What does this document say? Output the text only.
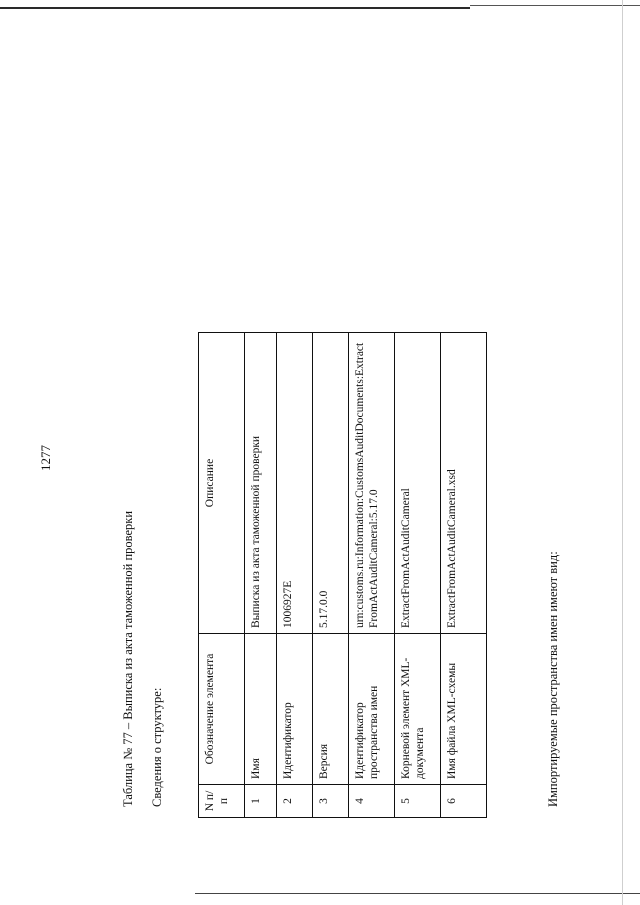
1277
Таблица № 77 – Выписка из акта таможенной проверки Сведения о структуре:	N п/п	Обозначение элемента	Описание
1	Имя	Выписка из акта таможенной проверки
2	Идентификатор	1006927E
3	Версия	5.17.0.0
4	Идентификатор пространства имен	urn:customs.ru:Information:CustomsAuditDocuments:ExtractFromActAuditCameral:5.17.0
5	Корневой элемент XML-документа	ExtractFromActAuditCameral
6	Имя файла XML-схемы	ExtractFromActAuditCameral.xsd
Импортируемые пространства имен имеют вид:
